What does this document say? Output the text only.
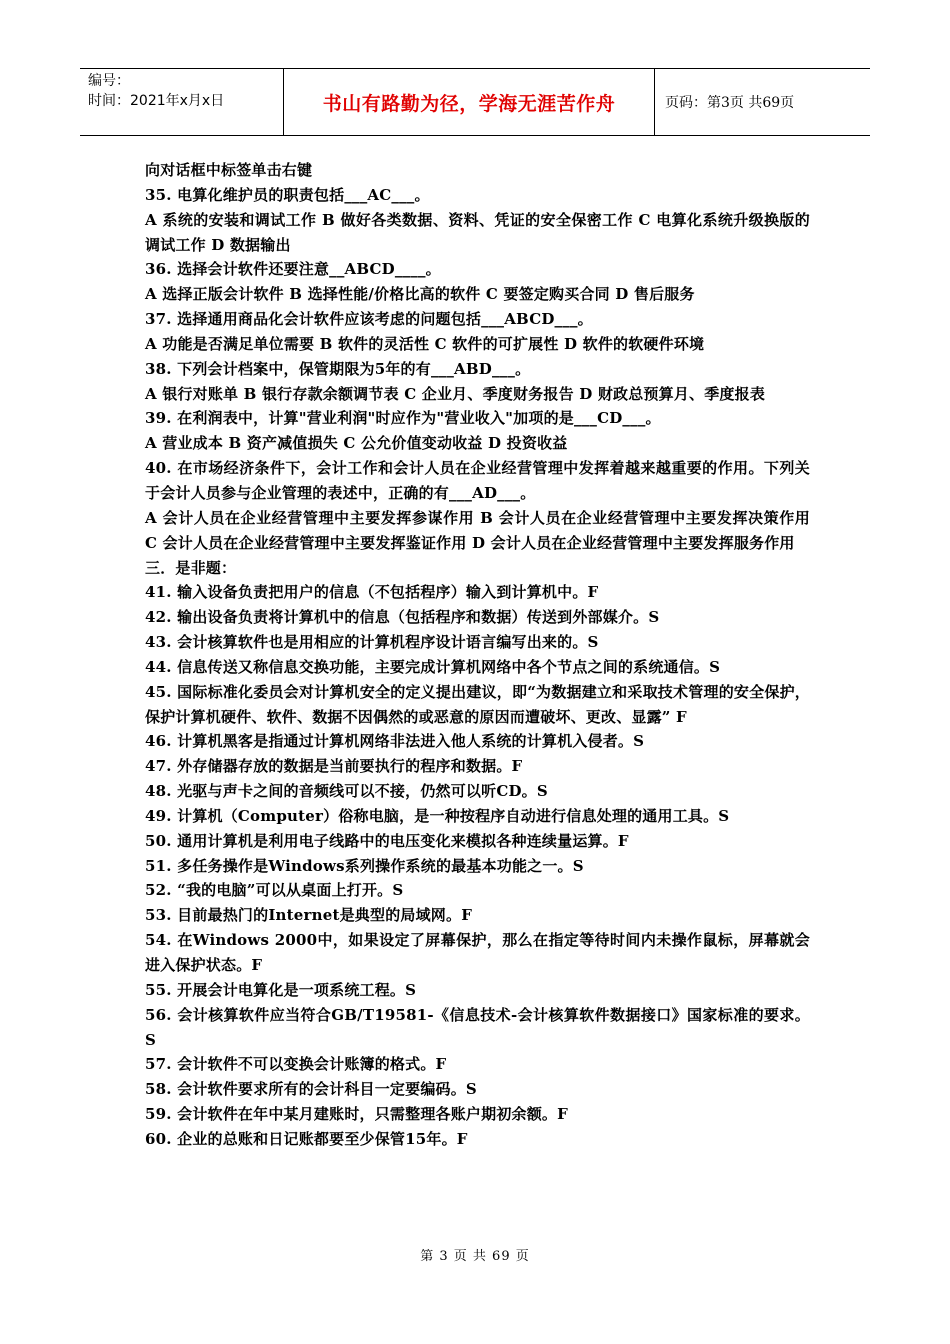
编号：
时间：2021年x月x日	书山有路勤为径，学海无涯苦作舟	页码：第3页 共69页

向对话框中标签单击右键

35. 电算化维护员的职责包括___AC___。

A 系统的安装和调试工作 B 做好各类数据、资料、凭证的安全保密工作 C 电算化系统升级换版的调试工作 D 数据输出

36. 选择会计软件还要注意__ABCD____。

A 选择正版会计软件 B 选择性能/价格比高的软件 C 要签定购买合同 D 售后服务

37. 选择通用商品化会计软件应该考虑的问题包括___ABCD___。

A 功能是否满足单位需要 B 软件的灵活性 C 软件的可扩展性 D 软件的软硬件环境

38. 下列会计档案中，保管期限为5年的有___ABD___。

A 银行对账单 B 银行存款余额调节表 C 企业月、季度财务报告 D 财政总预算月、季度报表

39. 在利润表中，计算"营业利润"时应作为"营业收入"加项的是___CD___。

A 营业成本 B 资产减值损失 C 公允价值变动收益 D 投资收益

40. 在市场经济条件下，会计工作和会计人员在企业经营管理中发挥着越来越重要的作用。下列关于会计人员参与企业管理的表述中，正确的有___AD___。

A 会计人员在企业经营管理中主要发挥参谋作用 B 会计人员在企业经营管理中主要发挥决策作用 C 会计人员在企业经营管理中主要发挥鉴证作用 D 会计人员在企业经营管理中主要发挥服务作用

三．是非题：

41. 输入设备负责把用户的信息（不包括程序）输入到计算机中。F

42. 输出设备负责将计算机中的信息（包括程序和数据）传送到外部媒介。S

43. 会计核算软件也是用相应的计算机程序设计语言编写出来的。S

44. 信息传送又称信息交换功能，主要完成计算机网络中各个节点之间的系统通信。S

45. 国际标准化委员会对计算机安全的定义提出建议，即“为数据建立和采取技术管理的安全保护，保护计算机硬件、软件、数据不因偶然的或恶意的原因而遭破坏、更改、显露” F

46. 计算机黑客是指通过计算机网络非法进入他人系统的计算机入侵者。S

47. 外存储器存放的数据是当前要执行的程序和数据。F

48. 光驱与声卡之间的音频线可以不接，仍然可以听CD。S

49. 计算机（Computer）俗称电脑，是一种按程序自动进行信息处理的通用工具。S

50. 通用计算机是利用电子线路中的电压变化来模拟各种连续量运算。F

51. 多任务操作是Windows系列操作系统的最基本功能之一。S

52. “我的电脑”可以从桌面上打开。S

53. 目前最热门的Internet是典型的局域网。F

54. 在Windows 2000中，如果设定了屏幕保护，那么在指定等待时间内未操作鼠标，屏幕就会进入保护状态。F

55. 开展会计电算化是一项系统工程。S

56. 会计核算软件应当符合GB/T19581-《信息技术-会计核算软件数据接口》国家标准的要求。S

57. 会计软件不可以变换会计账簿的格式。F

58. 会计软件要求所有的会计科目一定要编码。S

59. 会计软件在年中某月建账时，只需整理各账户期初余额。F

60. 企业的总账和日记账都要至少保管15年。F

第 3 页 共 69 页
